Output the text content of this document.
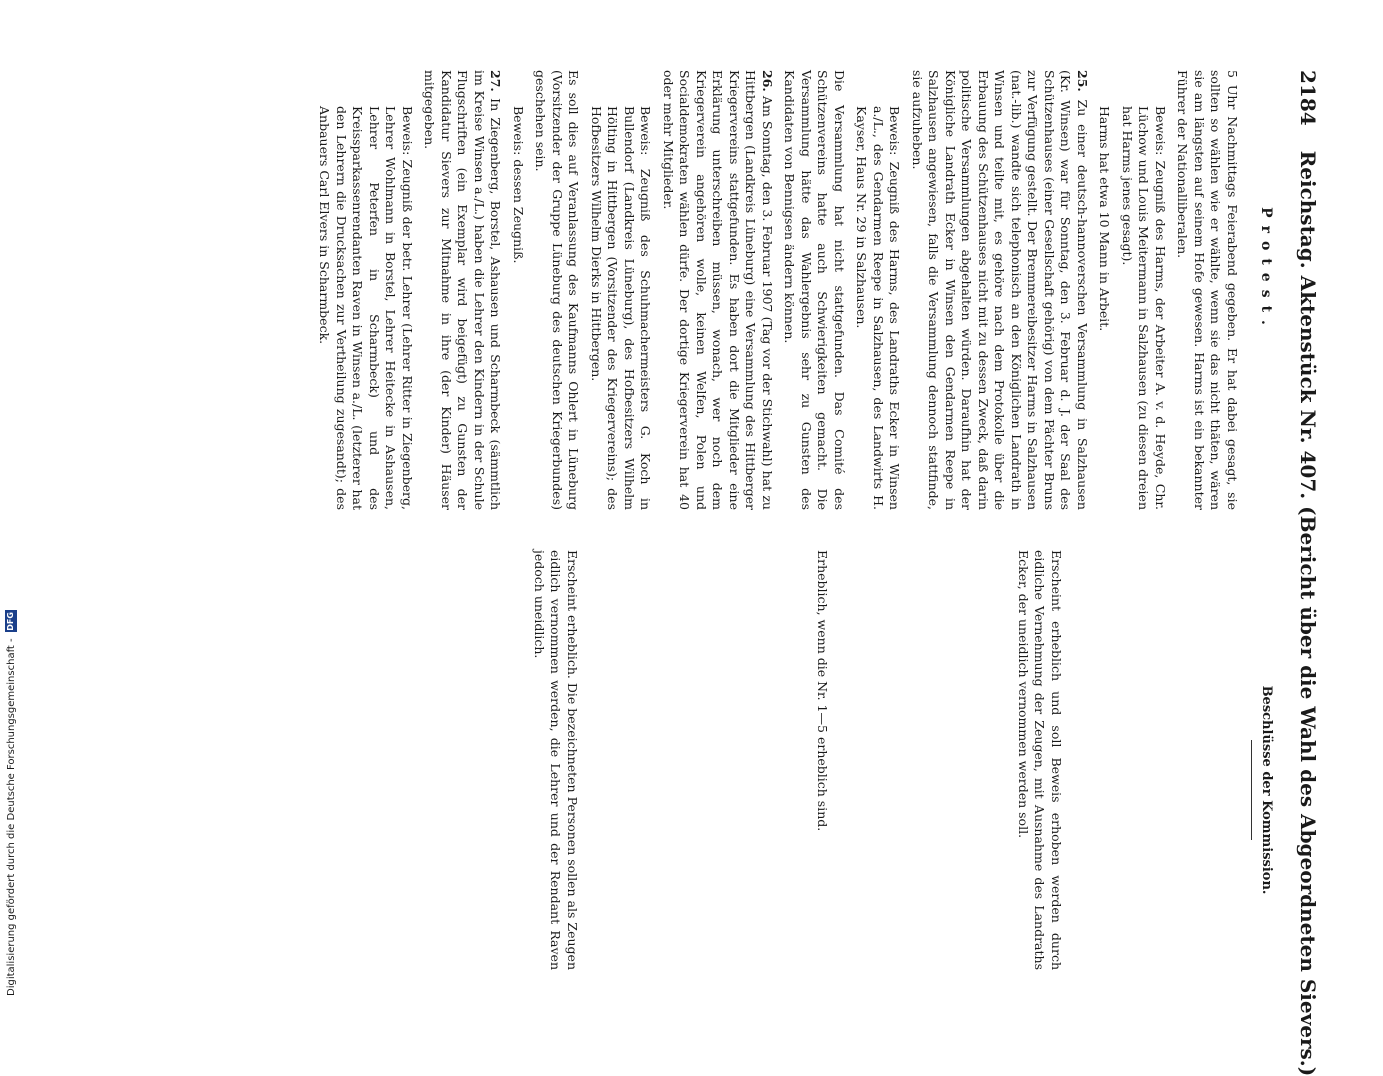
2184 Reichstag. Aktenstück Nr. 407. (Bericht über die Wahl des Abgeordneten Sievers.)
Protest.
Beschlüsse der Kommission.

5 Uhr Nachmittags Feierabend gegeben. Er hat dabei gesagt, sie sollten so wählen wie er wählte, wenn sie das nicht thäten, wären sie am längsten auf seinem Hofe gewesen. Harms ist ein bekannter Führer der Nationalliberalen.

Beweis: Zeugniß des Harms, der Arbeiter A. v. d. Heyde, Chr. Lüchow und Louis Meitermann in Salzhausen (zu diesen dreien hat Harms jenes gesagt).

Harms hat etwa 10 Mann in Arbeit.

25. Zu einer deutsch-hannoverschen Versammlung in Salzhausen (Kr. Winsen) war für Sonntag, den 3. Februar d. J. der Saal des Schützenhauses (einer Gesellschaft gehörig) von dem Pächter Bruns zur Verfügung gestellt. Der Bremmereibesitzer Harms in Salzhausen (nat.-lib.) wandte sich telephonisch an den Königlichen Landrath in Winsen und teilte mit, es gehöre nach dem Protokolle über die Erbauung des Schützenhauses nicht mit zu dessen Zweck, daß darin politische Versammlungen abgehalten würden. Daraufhin hat der Königliche Landrath Ecker in Winsen den Gendarmen Reepe in Salzhausen angewiesen, falls die Versammlung dennoch stattfinde, sie aufzuheben.

Beweis: Zeugniß des Harms, des Landraths Ecker in Winsen a./L., des Gendarmen Reepe in Salzhausen, des Landwirts H. Kayser, Haus Nr. 29 in Salzhausen.

Die Versammlung hat nicht stattgefunden. Das Comité des Schützenvereins hatte auch Schwierigkeiten gemacht. Die Versammlung hätte das Wahlergebnis sehr zu Gunsten des Kandidaten von Bennigsen ändern können.

26. Am Sonntag, den 3. Februar 1907 (Tag vor der Stichwahl) hat zu Hittbergen (Landkreis Lüneburg) eine Versammlung des Hittberger Kriegervereins stattgefunden. Es haben dort die Mitglieder eine Erklärung unterschreiben müssen, wonach, wer noch dem Kriegerverein angehören wolle, keinen Welfen, Polen und Socialdemokraten wählen dürfe. Der dortige Kriegerverein hat 40 oder mehr Mitglieder.

Beweis: Zeugniß des Schuhmachermeisters G. Koch in Bullendorf (Landkreis Lüneburg), des Hofbesitzers Wilhelm Hölting in Hittbergen (Vorsitzender des Kriegervereins); des Hofbesitzers Wilhelm Dierks in Hittbergen.

Es soll dies auf Veranlassung des Kaufmanns Ohlert in Lüneburg (Vorsitzender der Gruppe Lüneburg des deutschen Kriegerbundes) geschehen sein.

Beweis: dessen Zeugniß.

27. In Ziegenberg, Borstel, Ashausen und Scharmbeck (sämmtlich im Kreise Winsen a./L.) haben die Lehrer den Kindern in der Schule Flugschriften (ein Exemplar wird beigefügt) zu Gunsten der Kandidatur Sievers zur Mitnahme in ihre (der Kinder) Häuser mitgegeben.

Beweis: Zeugniß der betr. Lehrer (Lehrer Ritter in Ziegenberg, Lehrer Wohlmann in Borstel, Lehrer Heitecke in Ashausen, Lehrer Peterfen in Scharmbeck) und des Kreissparkassenrendanten Raven in Winsen a./L. (letzterer hat den Lehrern die Drucksachen zur Vertheilung zugesandt); des Anbauers Carl Elvers in Scharmbeck.

Erscheint erheblich und soll Beweis erhoben werden durch eidliche Vernehmung der Zeugen, mit Ausnahme des Landraths Ecker, der uneidlich vernommen werden soll.

Erheblich, wenn die Nr. 1—5 erheblich sind.

Erscheint erheblich. Die bezeichneten Personen sollen als Zeugen eidlich vernommen werden, die Lehrer und der Rendant Raven jedoch uneidlich.

Digitalisierung gefördert durch die Deutsche Forschungsgemeinschaft -
DFG
